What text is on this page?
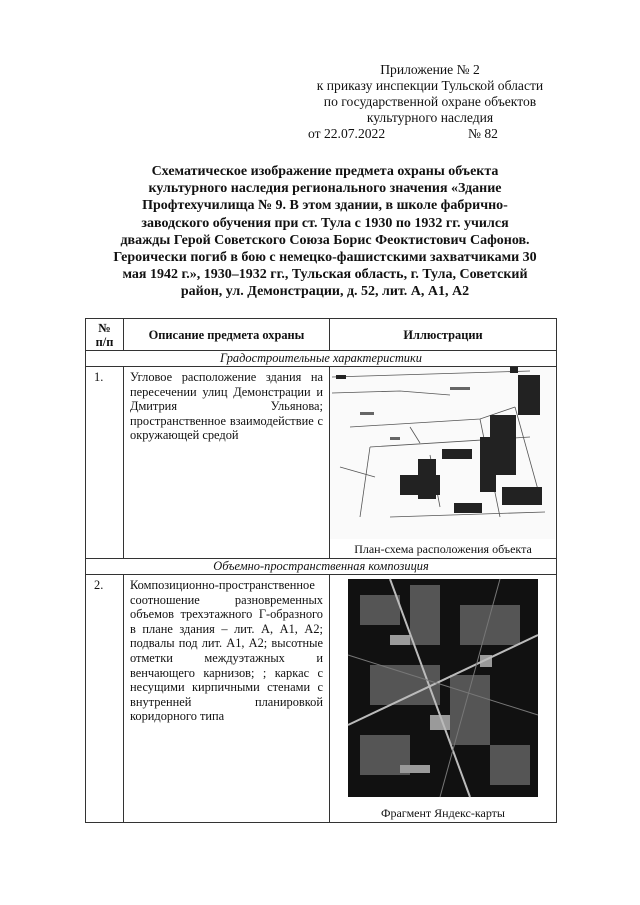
Приложение № 2
к приказу инспекции Тульской области
по государственной охране объектов
культурного наследия
от 22.07.2022	№ 82
Схематическое изображение предмета охраны объекта
культурного наследия регионального значения «Здание
Профтехучилища № 9. В этом здании, в школе фабрично-
заводского обучения при ст. Тула с 1930 по 1932 гг. учился
дважды Герой Советского Союза Борис Феоктистович Сафонов.
Героически погиб в бою с немецко-фашистскими захватчиками 30
мая 1942 г.», 1930–1932 гг., Тульская область, г. Тула, Советский
район, ул. Демонстрации, д. 52, лит. А, А1, А2
№
п/п	Описание предмета охраны	Иллюстрации
Градостроительные характеристики		
1.	Угловое расположение здания на пересечении улиц Демонстрации и Дмитрия Ульянова; пространственное взаимодействие с окружающей средой	План-схема расположения объекта

Объемно-пространственная композиция		
2.	Композиционно-пространственное соотношение разновременных объемов трехэтажного Г-образного в плане здания – лит. А, А1, А2; подвалы под лит. А1, А2; высотные отметки междуэтажных и венчающего карнизов; ; каркас с несущими кирпичными стенами с внутренней планировкой коридорного типа	Фрагмент Яндекс-карты
